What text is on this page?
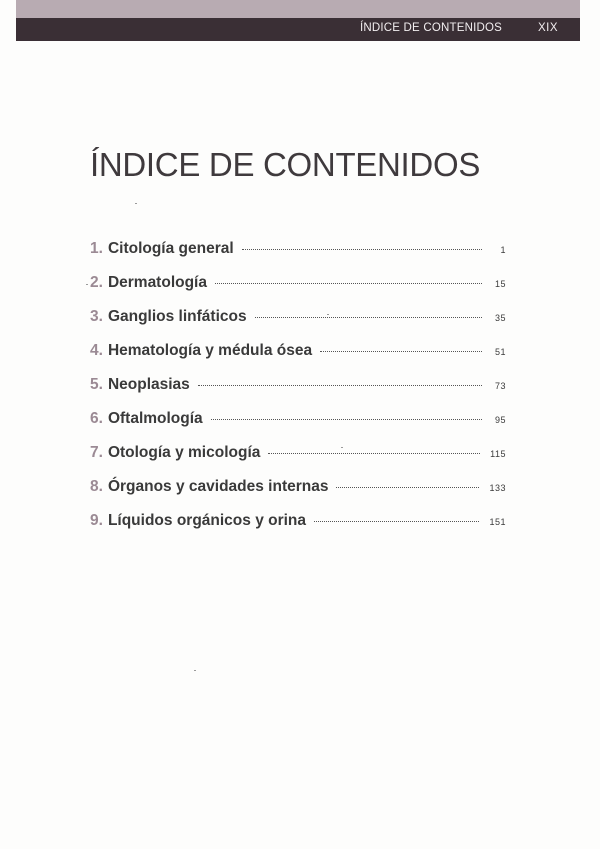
ÍNDICE DE CONTENIDOS	XIX
ÍNDICE DE CONTENIDOS
1. Citología general	1
2. Dermatología	15
3. Ganglios linfáticos	35
4. Hematología y médula ósea	51
5. Neoplasias	73
6. Oftalmología	95
7. Otología y micología	115
8. Órganos y cavidades internas	133
9. Líquidos orgánicos y orina	151
